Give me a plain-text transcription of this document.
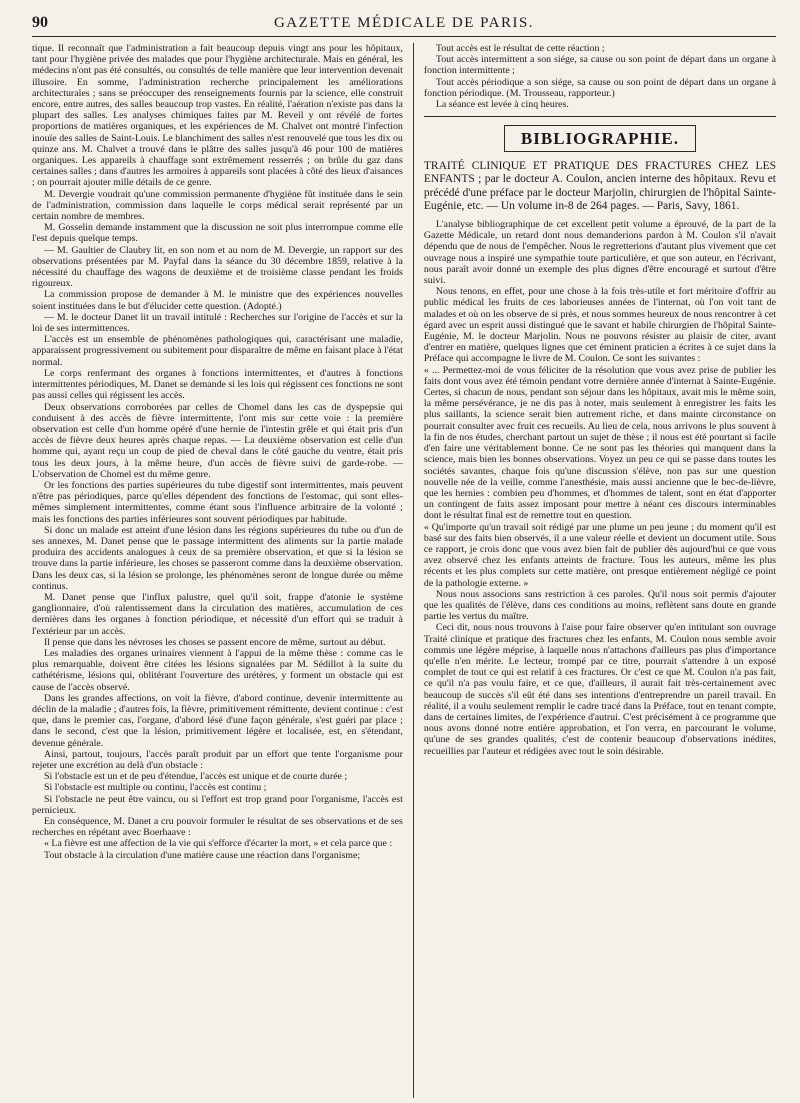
90	GAZETTE MÉDICALE DE PARIS.

tique. Il reconnaît que l'administration a fait beaucoup depuis vingt ans pour les hôpitaux, tant pour l'hygiène privée des malades que pour l'hygiène architecturale. Mais en général, les médecins n'ont pas été consultés, ou consultés de telle manière que leur intervention devenait illusoire. En somme, l'administration recherche principalement les améliorations architecturales ; sans se préoccuper des renseignements fournis par la science, elle construit encore, entre autres, des salles beaucoup trop vastes. En réalité, l'aération n'existe pas dans la plupart des salles. Les analyses chimiques faites par M. Reveil y ont révélé de fortes proportions de matières organiques, et les expériences de M. Chalvet ont montré l'infection inouïe des salles de Saint-Louis. Le blanchiment des salles n'est renouvelé que tous les dix ou quinze ans. M. Chalvet a trouvé dans le plâtre des salles jusqu'à 46 pour 100 de matières organiques. Les appareils à chauffage sont extrêmement resserrés ; on brûle du gaz dans certaines salles ; dans d'autres les armoires à appareils sont placées à côté des lieux d'aisances ; on pourrait ajouter mille détails de ce genre.

M. Devergie voudrait qu'une commission permanente d'hygiène fût instituée dans le sein de l'administration, commission dans laquelle le corps médical serait représenté par un certain nombre de membres.

M. Gosselin demande instamment que la discussion ne soit plus interrompue comme elle l'est depuis quelque temps.

— M. Gaultier de Claubry lit, en son nom et au nom de M. Devergie, un rapport sur des observations présentées par M. Payfal dans la séance du 30 décembre 1859, relative à la nécessité du chauffage des wagons de deuxième et de troisième classe pendant les froids rigoureux.

La commission propose de demander à M. le ministre que des expériences nouvelles soient instituées dans le but d'élucider cette question. (Adopté.)

— M. le docteur Danet lit un travail intitulé : Recherches sur l'origine de l'accès et sur la loi de ses intermittences.

L'accès est un ensemble de phénomènes pathologiques qui, caractérisant une maladie, apparaissent progressivement ou subitement pour disparaître de même en faisant place à l'état normal.

Le corps renfermant des organes à fonctions intermittentes, et d'autres à fonctions intermittentes périodiques, M. Danet se demande si les lois qui régissent ces fonctions ne sont pas aussi celles qui régissent les accès.

Deux observations corroborées par celles de Chomel dans les cas de dyspepsie qui conduisent à des accès de fièvre intermittente, l'ont mis sur cette voie : la première observation est celle d'un homme opéré d'une hernie de l'intestin grêle et qui était pris d'un accès de fièvre deux heures après chaque repas. — La deuxième observation est celle d'un homme qui, ayant reçu un coup de pied de cheval dans le côté gauche du ventre, était pris tous les deux jours, à la même heure, d'un accès de fièvre suivi de garde-robe. — L'observation de Chomel est du même genre.

Or les fonctions des parties supérieures du tube digestif sont intermittentes, mais peuvent n'être pas périodiques, parce qu'elles dépendent des fonctions de l'estomac, qui sont elles-mêmes simplement intermittentes, comme étant sous l'influence arbitraire de la volonté ; mais les fonctions des parties inférieures sont souvent périodiques par habitude.

Si donc un malade est atteint d'une lésion dans les régions supérieures du tube ou d'un de ses annexes, M. Danet pense que le passage intermittent des aliments sur la partie malade produira des accidents analogues à ceux de sa première observation, et que si la lésion se trouve dans la partie inférieure, les choses se passeront comme dans la deuxième observation. Dans les deux cas, si la lésion se prolonge, les phénomènes seront de longue durée ou même continus.

M. Danet pense que l'influx palustre, quel qu'il soit, frappe d'atonie le système ganglionnaire, d'où ralentissement dans la circulation des matières, accumulation de ces dernières dans les organes à fonction périodique, et nécessité d'un effort qui se traduit à l'extérieur par un accès.

Il pense que dans les névroses les choses se passent encore de même, surtout au début.

Les maladies des organes urinaires viennent à l'appui de la même thèse : comme cas le plus remarquable, doivent être citées les lésions signalées par M. Sédillot à la suite du cathétérisme, lésions qui, oblitérant l'ouverture des urétères, y forment un obstacle qui est cause de l'accès observé.

Dans les grandes affections, on voit la fièvre, d'abord continue, devenir intermittente au déclin de la maladie ; d'autres fois, la fièvre, primitivement rémittente, devient continue : c'est que, dans le premier cas, l'organe, d'abord lésé d'une façon générale, s'est guéri par place ; dans le second, c'est que la lésion, primitivement légère et localisée, est, en s'étendant, devenue générale.

Ainsi, partout, toujours, l'accès paraît produit par un effort que tente l'organisme pour rejeter une excrétion au delà d'un obstacle :

Si l'obstacle est un et de peu d'étendue, l'accès est unique et de courte durée ;

Si l'obstacle est multiple ou continu, l'accès est continu ;

Si l'obstacle ne peut être vaincu, ou si l'effort est trop grand pour l'organisme, l'accès est pernicieux.

En conséquence, M. Danet a cru pouvoir formuler le résultat de ses observations et de ses recherches en répétant avec Boerhaave :

« La fièvre est une affection de la vie qui s'efforce d'écarter la mort, » et cela parce que :

Tout obstacle à la circulation d'une matière cause une réaction dans l'organisme;

Tout accès est le résultat de cette réaction ;

Tout accès intermittent a son siége, sa cause ou son point de départ dans un organe à fonction intermittente ;

Tout accès périodique a son siége, sa cause ou son point de départ dans un organe à fonction périodique. (M. Trousseau, rapporteur.)

La séance est levée à cinq heures.

BIBLIOGRAPHIE.

TRAITÉ CLINIQUE ET PRATIQUE DES FRACTURES CHEZ LES ENFANTS ; par le docteur A. Coulon, ancien interne des hôpitaux. Revu et précédé d'une préface par le docteur Marjolin, chirurgien de l'hôpital Sainte-Eugénie, etc. — Un volume in-8 de 264 pages. — Paris, Savy, 1861.

L'analyse bibliographique de cet excellent petit volume a éprouvé, de la part de la Gazette Médicale, un retard dont nous demanderions pardon à M. Coulon s'il n'avait dépendu que de nous de l'empêcher. Nous le regretterions d'autant plus vivement que cet ouvrage nous a inspiré une sympathie toute particulière, et que son auteur, en l'écrivant, nous paraît avoir donné un exemple des plus dignes d'être encouragé et surtout d'être suivi.

Nous tenons, en effet, pour une chose à la fois très-utile et fort méritoire d'offrir au public médical les fruits de ces laborieuses années de l'internat, où l'on voit tant de malades et où on les observe de si près, et nous sommes heureux de nous rencontrer à cet égard avec un esprit aussi distingué que le savant et habile chirurgien de l'hôpital Sainte-Eugénie, M. le docteur Marjolin. Nous ne pouvons résister au plaisir de citer, avant d'entrer en matière, quelques lignes que cet éminent praticien a écrites à ce sujet dans la Préface qui accompagne le livre de M. Coulon. Ce sont les suivantes :

« ... Permettez-moi de vous féliciter de la résolution que vous avez prise de publier les faits dont vous avez été témoin pendant votre dernière année d'internat à Sainte-Eugénie. Certes, si chacun de nous, pendant son séjour dans les hôpitaux, avait mis le même soin, la même persévérance, je ne dis pas à noter, mais seulement à enregistrer les faits les plus saillants, la science serait bien autrement riche, et dans mainte circonstance on pourrait consulter avec fruit ces recueils. Au lieu de cela, nous arrivons le plus souvent à la fin de nos études, cherchant partout un sujet de thèse ; il nous est été pourtant si facile d'en faire une véritablement bonne. Ce ne sont pas les théories qui manquent dans la science, mais bien les bonnes observations. Voyez un peu ce qui se passe dans toutes les sociétés savantes, chaque fois qu'une discussion s'élève, non pas sur une question nouvelle née de la veille, comme l'anesthésie, mais aussi ancienne que le bec-de-lièvre, que les hernies : combien peu d'hommes, et d'hommes de talent, sont en état d'apporter un contingent de faits assez imposant pour mettre à néant ces discours interminables dont le résultat final est de remettre tout en question.

« Qu'importe qu'un travail soit rédigé par une plume un peu jeune ; du moment qu'il est basé sur des faits bien observés, il a une valeur réelle et devient un document utile. Sous ce rapport, je crois donc que vous avez bien fait de publier dès aujourd'hui ce que vous avez observé chez les enfants atteints de fracture. Tous les auteurs, même les plus récents et les plus complets sur cette matière, ont presque entièrement négligé ce point de la pathologie externe. »

Nous nous associons sans restriction à ces paroles. Qu'il nous soit permis d'ajouter que les qualités de l'élève, dans ces conditions au moins, reflètent sans doute en grande partie les vertus du maître.

Ceci dit, nous nous trouvons à l'aise pour faire observer qu'en intitulant son ouvrage Traité clinique et pratique des fractures chez les enfants, M. Coulon nous semble avoir commis une légère méprise, à laquelle nous n'attachons d'ailleurs pas plus d'importance qu'elle n'en mérite. Le lecteur, trompé par ce titre, pourrait s'attendre à un exposé complet de tout ce qui est relatif à ces fractures. Or c'est ce que M. Coulon n'a pas fait, ce qu'il n'a pas voulu faire, et ce que, d'ailleurs, il aurait fait très-certainement avec beaucoup de succès s'il eût été dans ses intentions d'entreprendre un pareil travail. En réalité, il a voulu seulement remplir le cadre tracé dans la Préface, tout en tenant compte, dans de certaines limites, de l'expérience d'autrui. C'est précisément à ce programme que nous avons donné notre entière approbation, et l'on verra, en parcourant le volume, qu'une de ses grandes qualités, c'est de contenir beaucoup d'observations inédites, recueillies par l'auteur et rédigées avec tout le soin désirable.
